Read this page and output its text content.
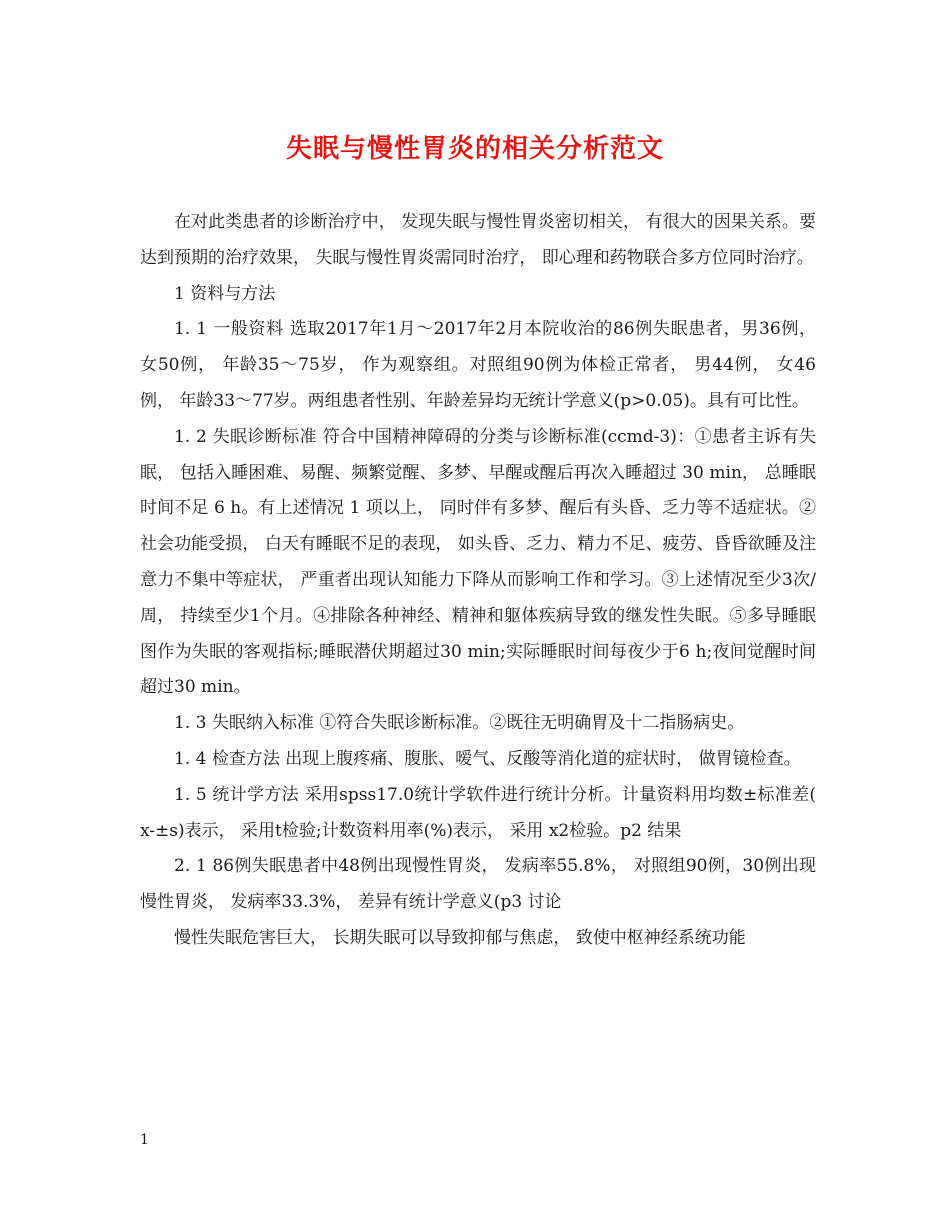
失眠与慢性胃炎的相关分析范文

在对此类患者的诊断治疗中， 发现失眠与慢性胃炎密切相关， 有很大的因果关系。要达到预期的治疗效果， 失眠与慢性胃炎需同时治疗， 即心理和药物联合多方位同时治疗。

1 资料与方法

1. 1 一般资料 选取2017年1月～2017年2月本院收治的86例失眠患者，男36例， 女50例， 年龄35～75岁， 作为观察组。对照组90例为体检正常者， 男44例， 女46例， 年龄33～77岁。两组患者性别、年龄差异均无统计学意义(p>0.05)。具有可比性。

1. 2 失眠诊断标准 符合中国精神障碍的分类与诊断标准(ccmd-3)：①患者主诉有失眠， 包括入睡困难、易醒、频繁觉醒、多梦、早醒或醒后再次入睡超过 30 min， 总睡眠时间不足 6 h。有上述情况 1 项以上， 同时伴有多梦、醒后有头昏、乏力等不适症状。②社会功能受损， 白天有睡眠不足的表现， 如头昏、乏力、精力不足、疲劳、昏昏欲睡及注意力不集中等症状， 严重者出现认知能力下降从而影响工作和学习。③上述情况至少3次/周， 持续至少1个月。④排除各种神经、精神和躯体疾病导致的继发性失眠。⑤多导睡眠图作为失眠的客观指标;睡眠潜伏期超过30 min;实际睡眠时间每夜少于6 h;夜间觉醒时间超过30 min。

1. 3 失眠纳入标准 ①符合失眠诊断标准。②既往无明确胃及十二指肠病史。

1. 4 检查方法 出现上腹疼痛、腹胀、嗳气、反酸等消化道的症状时， 做胃镜检查。

1. 5 统计学方法 采用spss17.0统计学软件进行统计分析。计量资料用均数±标准差( x-±s)表示， 采用t检验;计数资料用率(%)表示， 采用 x2检验。p2 结果

2. 1 86例失眠患者中48例出现慢性胃炎， 发病率55.8%， 对照组90例，30例出现慢性胃炎， 发病率33.3%， 差异有统计学意义(p3 讨论

慢性失眠危害巨大， 长期失眠可以导致抑郁与焦虑， 致使中枢神经系统功能

1
